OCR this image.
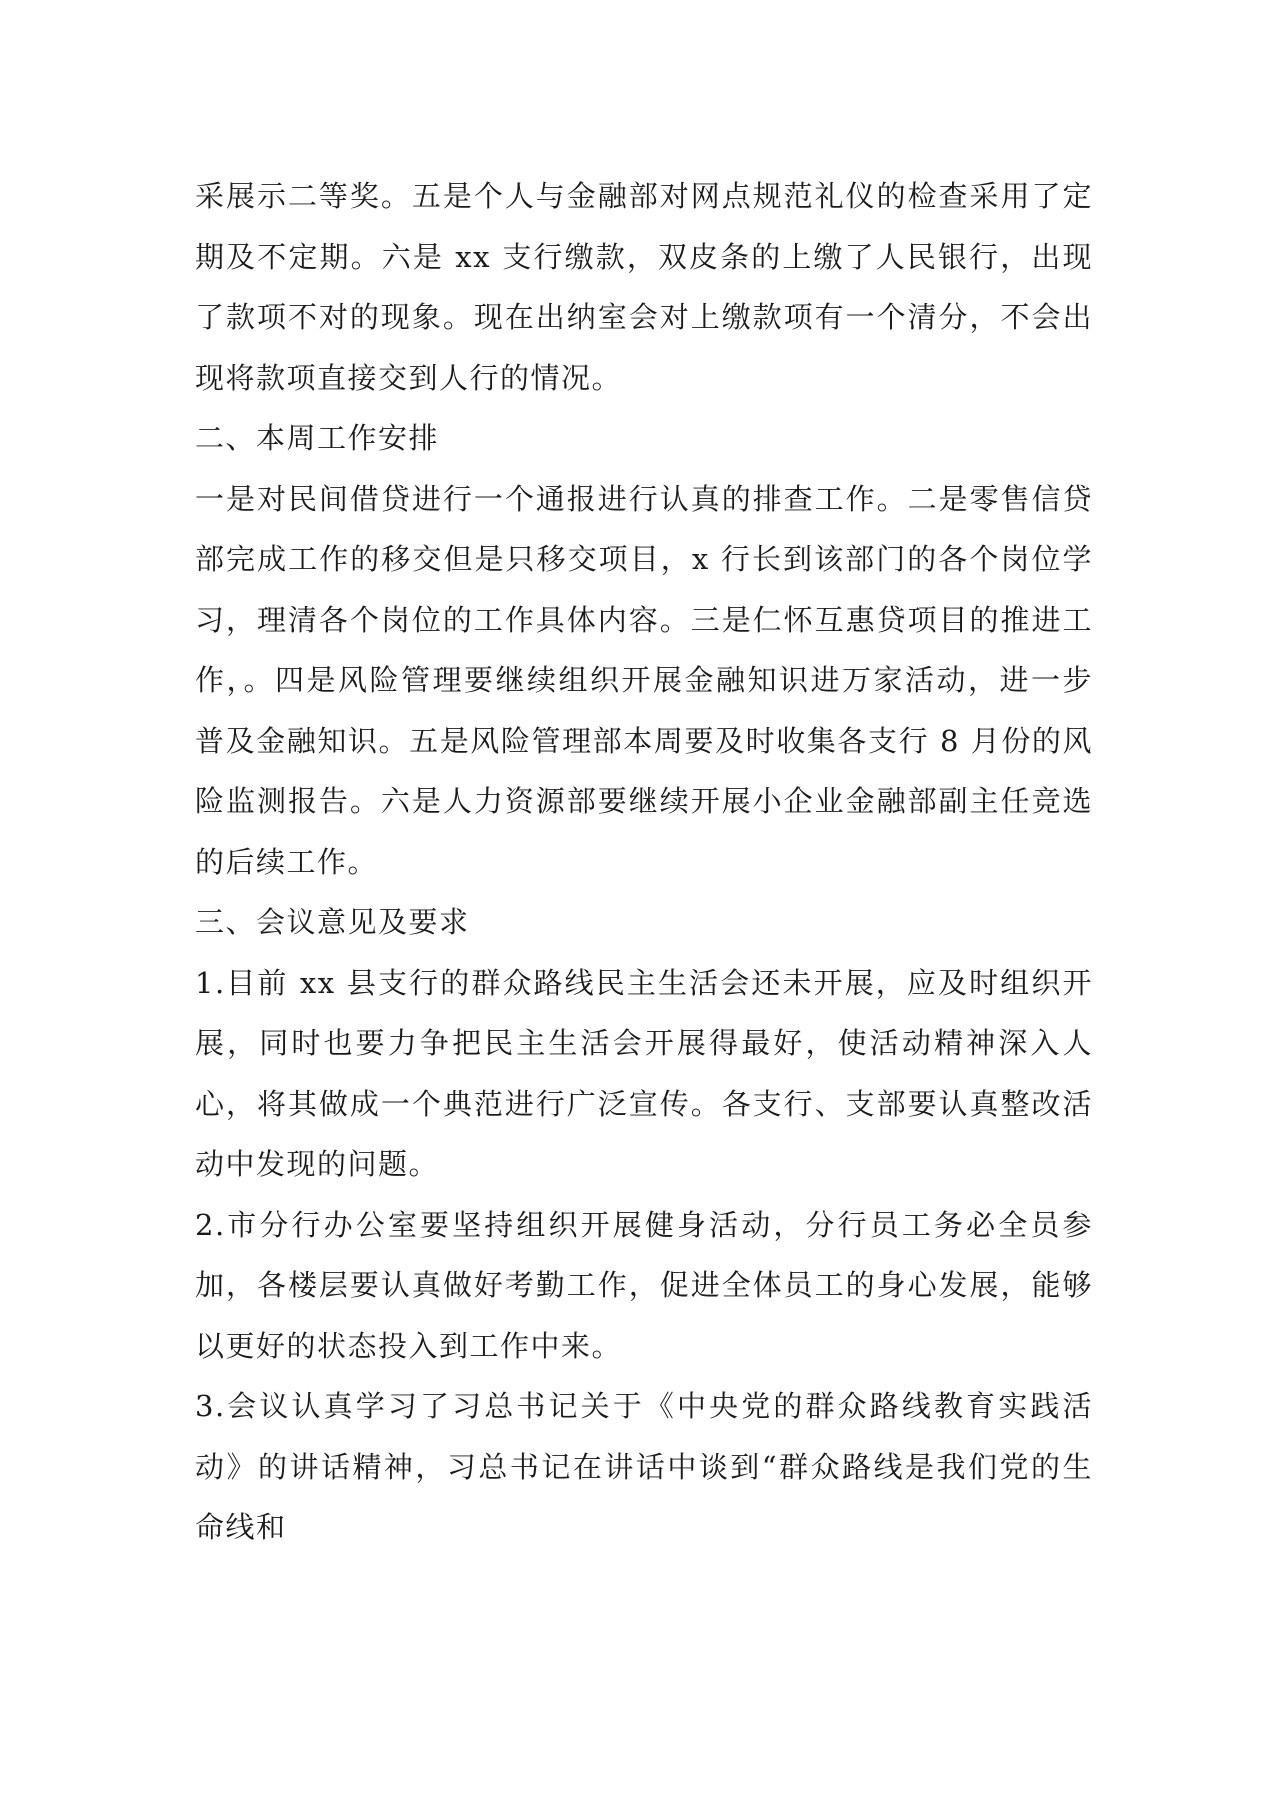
采展示二等奖。五是个人与金融部对网点规范礼仪的检查采用了定期及不定期。六是 xx 支行缴款，双皮条的上缴了人民银行，出现了款项不对的现象。现在出纳室会对上缴款项有一个清分，不会出现将款项直接交到人行的情况。

二、本周工作安排

一是对民间借贷进行一个通报进行认真的排查工作。二是零售信贷部完成工作的移交但是只移交项目，x 行长到该部门的各个岗位学习，理清各个岗位的工作具体内容。三是仁怀互惠贷项目的推进工作，。四是风险管理要继续组织开展金融知识进万家活动，进一步普及金融知识。五是风险管理部本周要及时收集各支行 8 月份的风险监测报告。六是人力资源部要继续开展小企业金融部副主任竞选的后续工作。

三、会议意见及要求

1.目前 xx 县支行的群众路线民主生活会还未开展，应及时组织开展，同时也要力争把民主生活会开展得最好，使活动精神深入人心，将其做成一个典范进行广泛宣传。各支行、支部要认真整改活动中发现的问题。

2.市分行办公室要坚持组织开展健身活动，分行员工务必全员参加，各楼层要认真做好考勤工作，促进全体员工的身心发展，能够以更好的状态投入到工作中来。

3.会议认真学习了习总书记关于《中央党的群众路线教育实践活动》的讲话精神，习总书记在讲话中谈到“群众路线是我们党的生命线和
